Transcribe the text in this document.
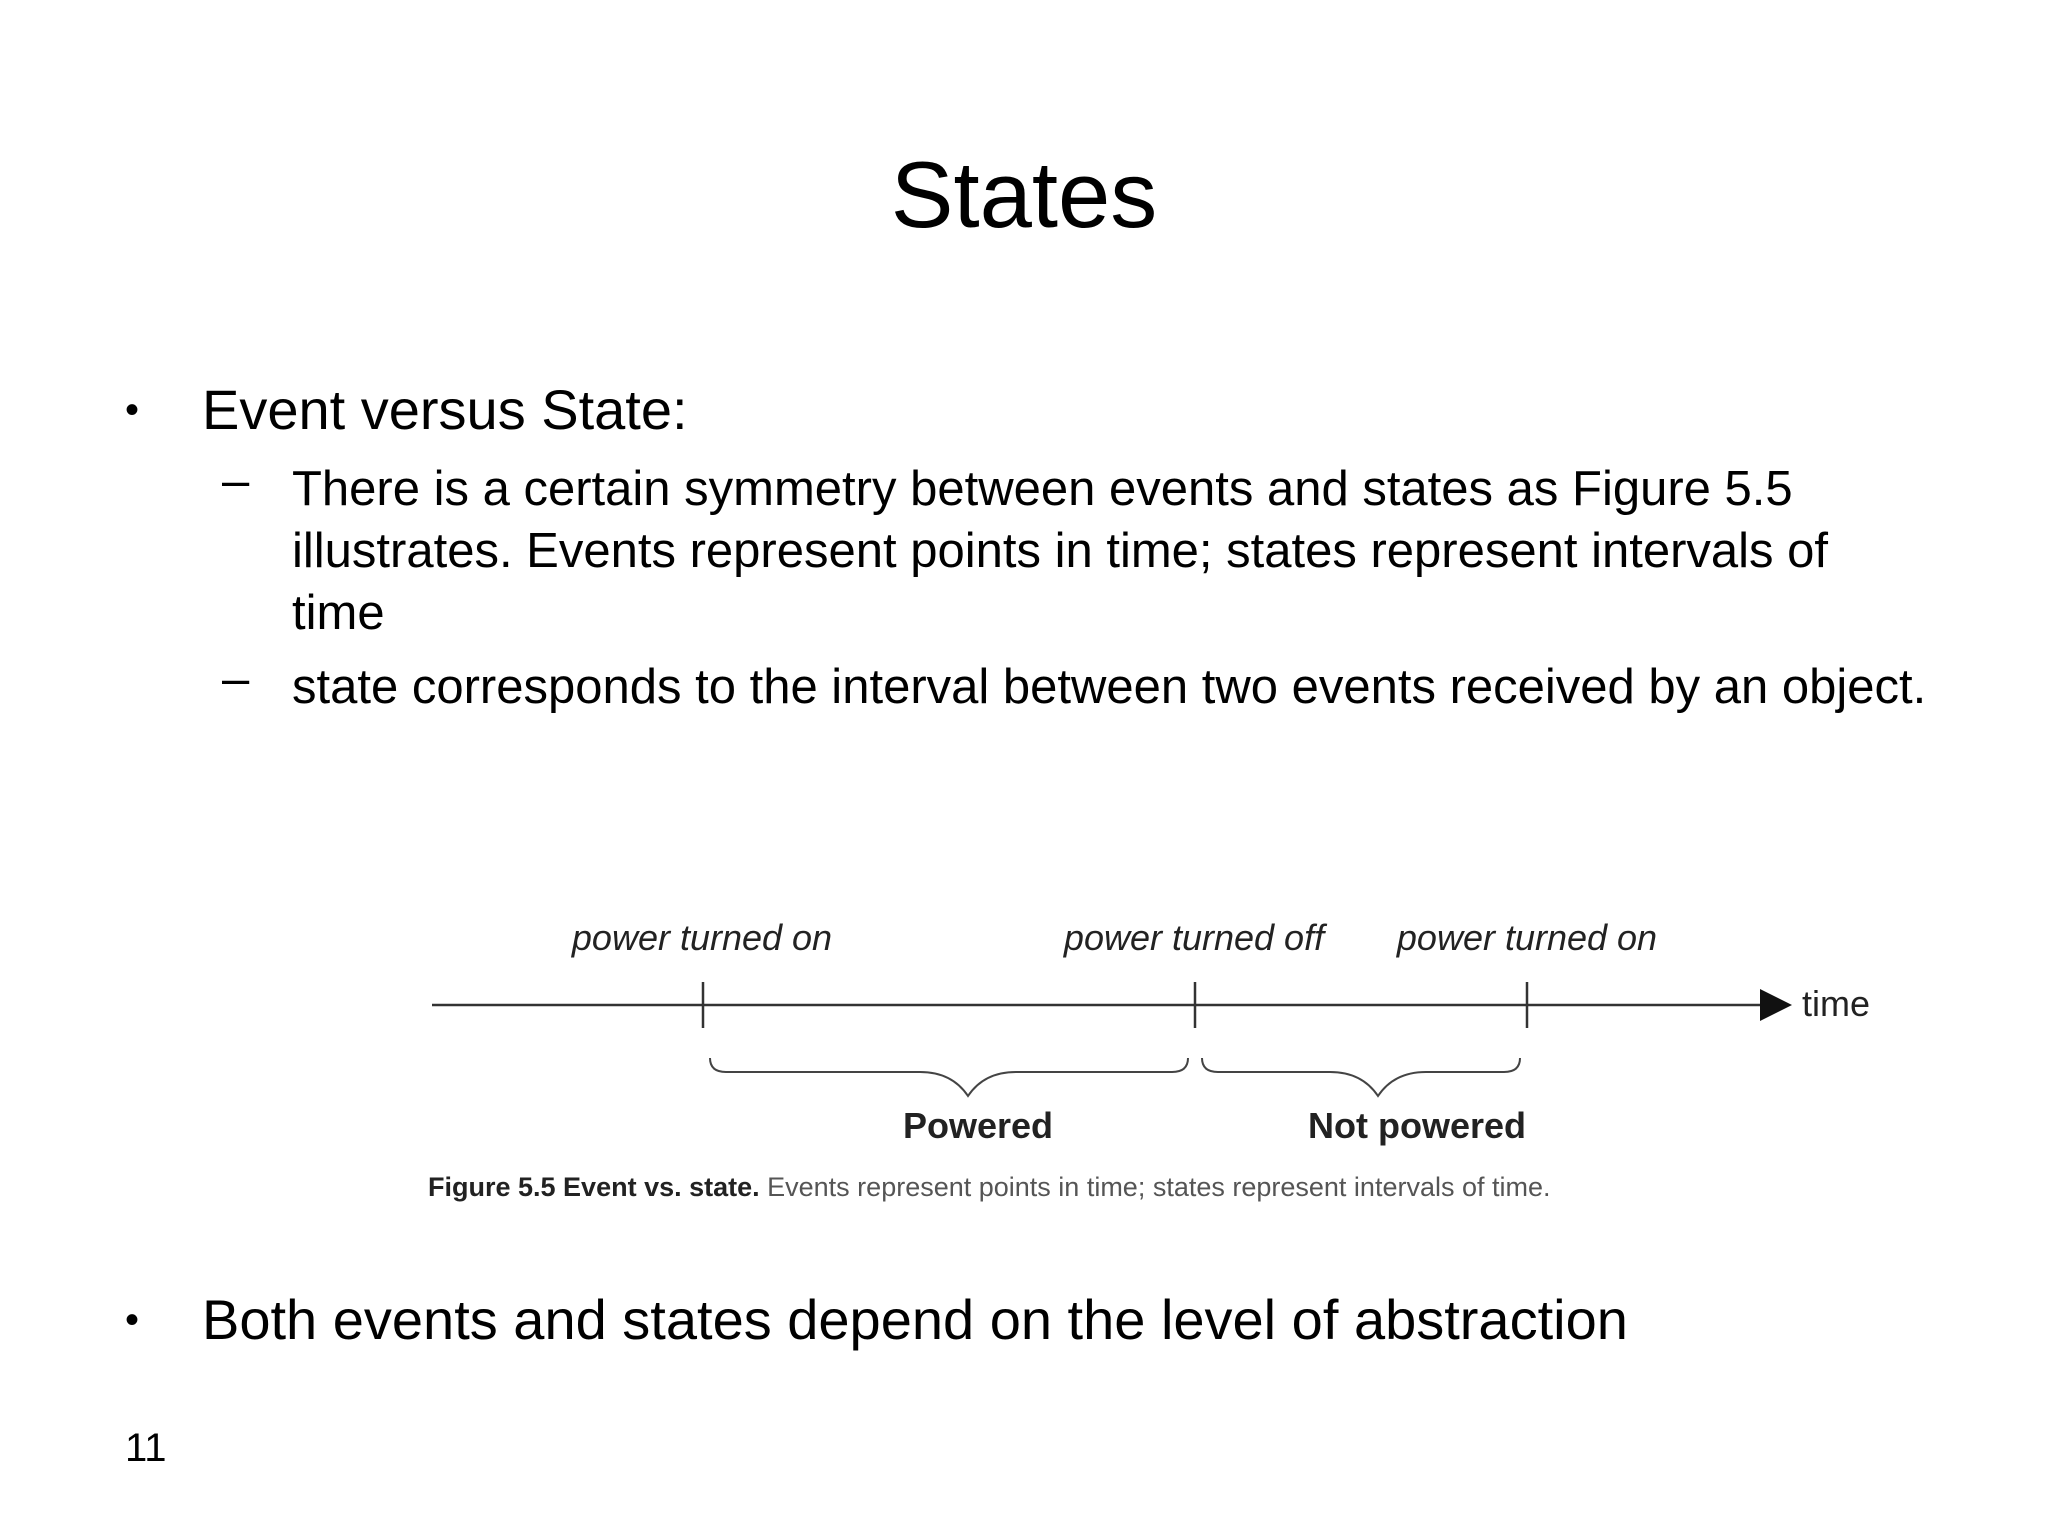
States
• Event versus State:
– There is a certain symmetry between events and states as Figure 5.5 illustrates. Events represent points in time; states represent intervals of time
– state corresponds to the interval between two events received by an object.
power turned on	power turned off power turned on
time
Powered	Not powered
Figure 5.5 Event vs. state. Events represent points in time; states represent intervals of time.
• Both events and states depend on the level of abstraction
11
